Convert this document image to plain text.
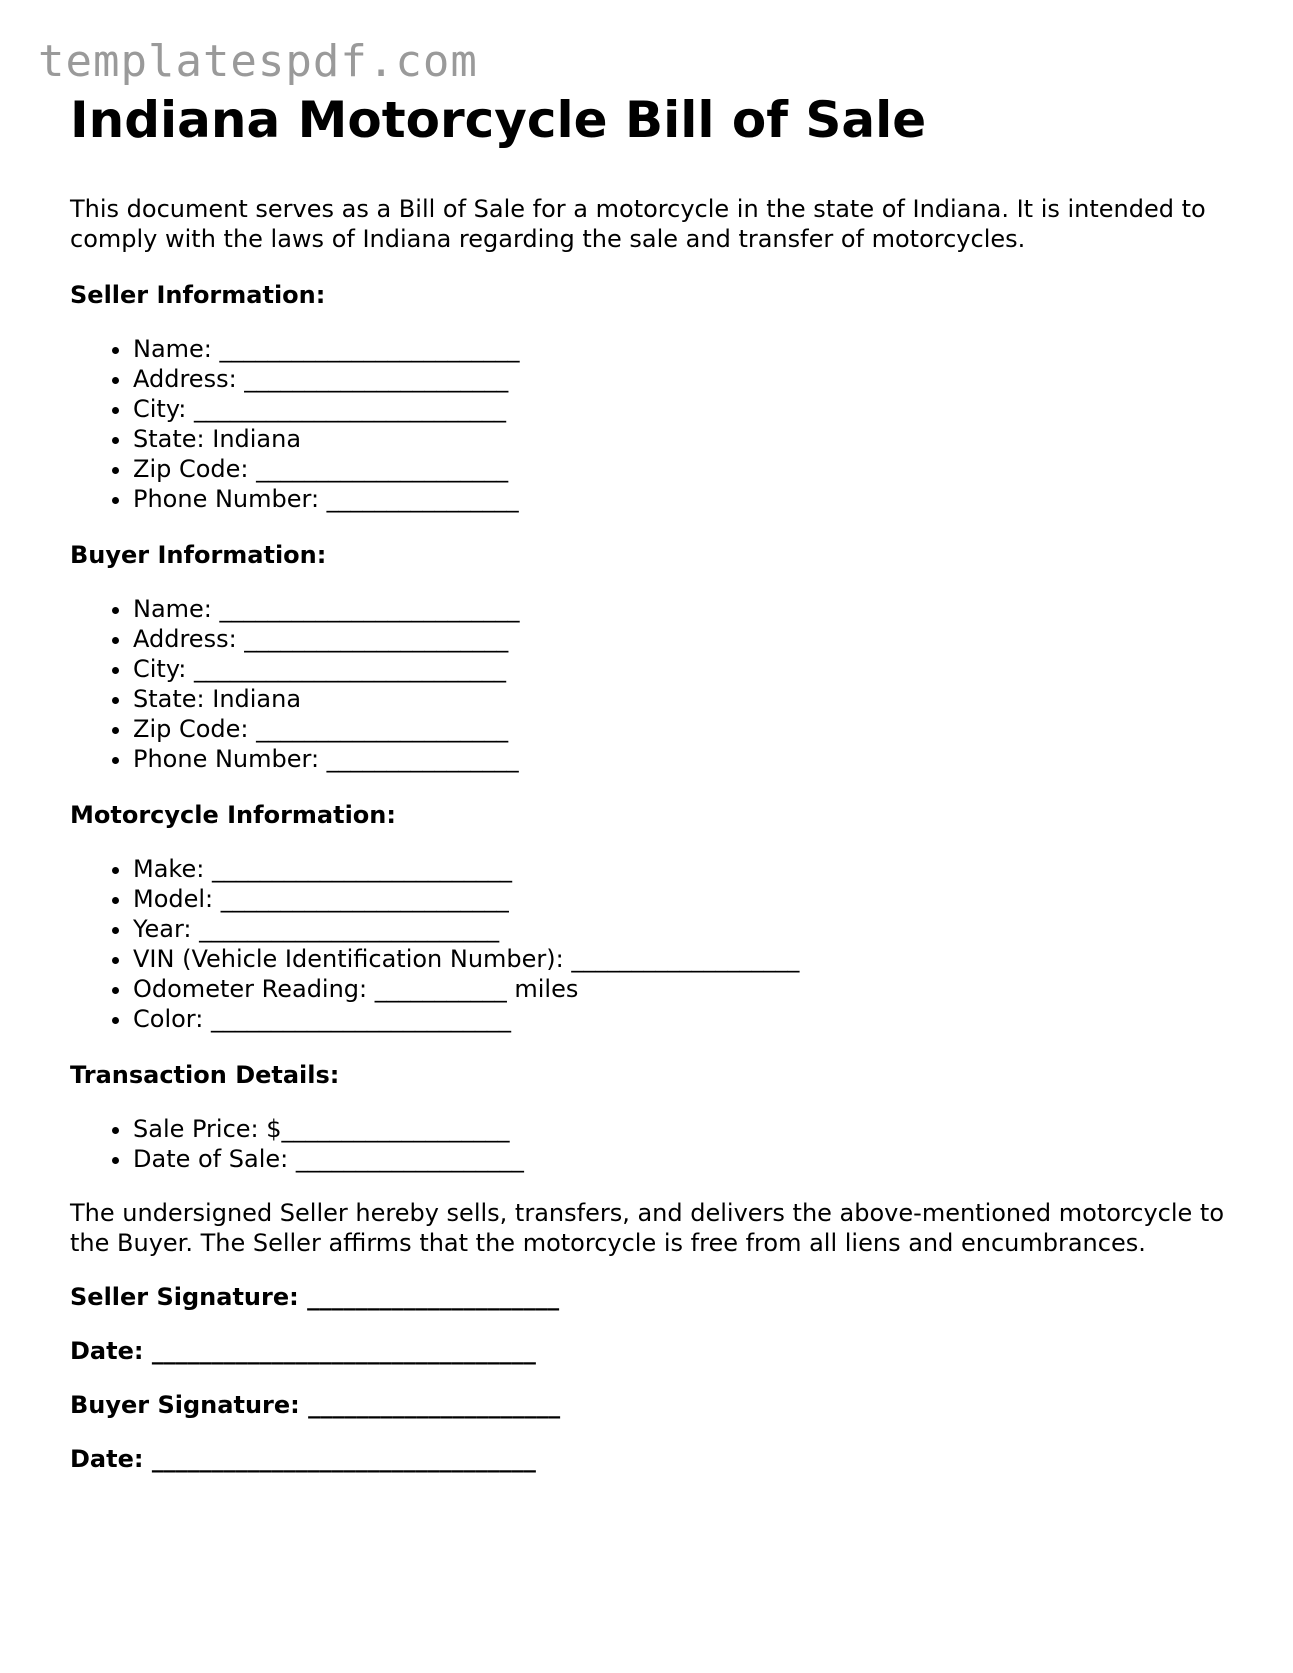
templatespdf.com
Indiana Motorcycle Bill of Sale

This document serves as a Bill of Sale for a motorcycle in the state of Indiana. It is intended to comply with the laws of Indiana regarding the sale and transfer of motorcycles.

Seller Information:
• Name: _________________________
• Address: ______________________
• City: __________________________
• State: Indiana
• Zip Code: _____________________
• Phone Number: ________________
Buyer Information:
• Name: _________________________
• Address: ______________________
• City: __________________________
• State: Indiana
• Zip Code: _____________________
• Phone Number: ________________
Motorcycle Information:
• Make: _________________________
• Model: ________________________
• Year: _________________________
• VIN (Vehicle Identification Number): ___________________
• Odometer Reading: ___________ miles
• Color: _________________________
Transaction Details:
• Sale Price: $___________________
• Date of Sale: ___________________

The undersigned Seller hereby sells, transfers, and delivers the above-mentioned motorcycle to the Buyer. The Seller affirms that the motorcycle is free from all liens and encumbrances.

Seller Signature: _____________________
Date: ________________________________
Buyer Signature: _____________________
Date: ________________________________
